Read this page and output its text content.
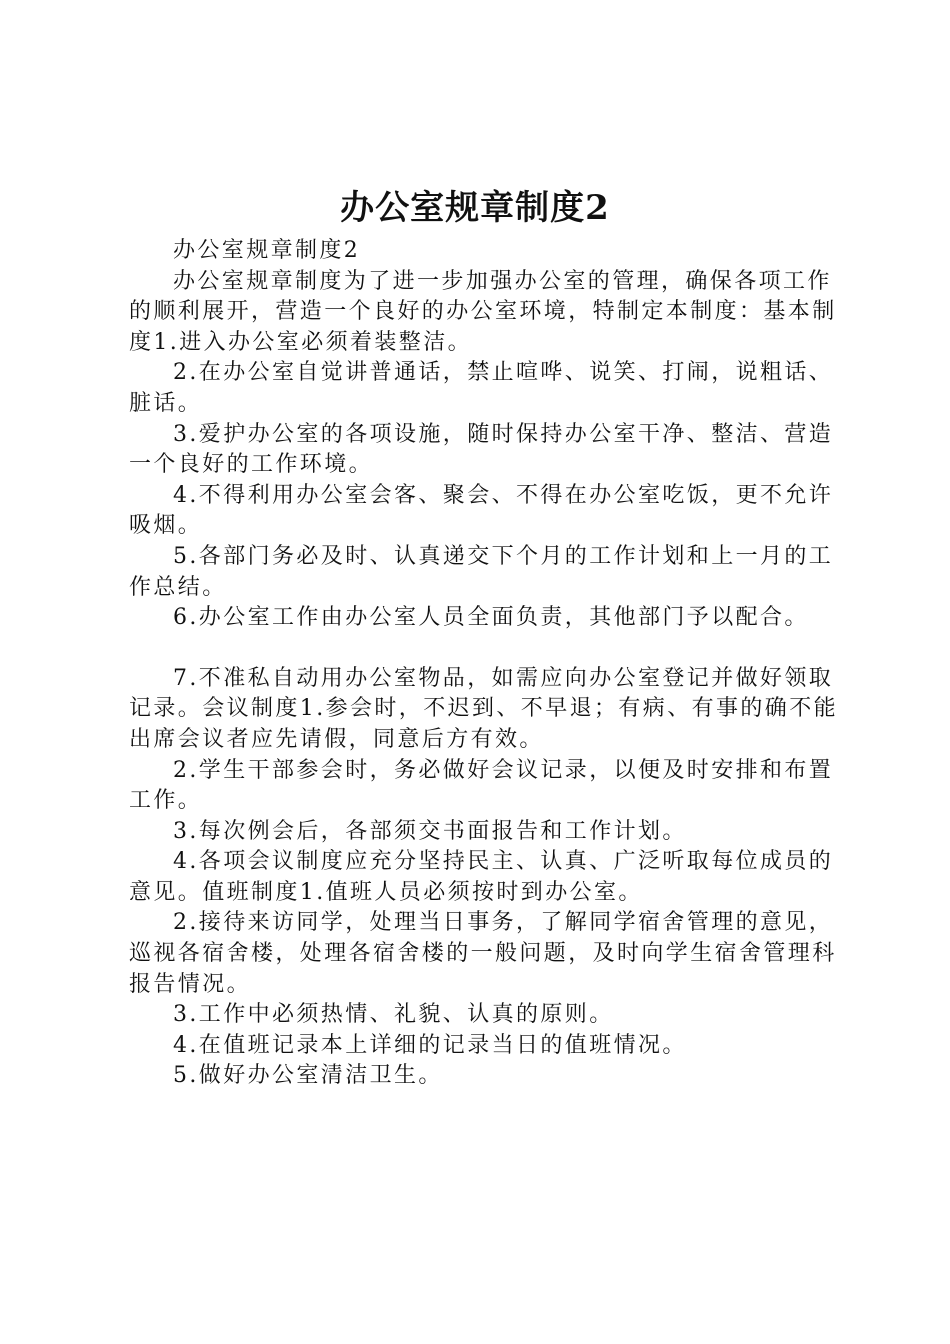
办公室规章制度2

办公室规章制度2

办公室规章制度为了进一步加强办公室的管理，确保各项工作的顺利展开，营造一个良好的办公室环境，特制定本制度：基本制度1.进入办公室必须着装整洁。

2.在办公室自觉讲普通话，禁止喧哗、说笑、打闹，说粗话、脏话。

3.爱护办公室的各项设施，随时保持办公室干净、整洁、营造一个良好的工作环境。

4.不得利用办公室会客、聚会、不得在办公室吃饭，更不允许吸烟。

5.各部门务必及时、认真递交下个月的工作计划和上一月的工作总结。

6.办公室工作由办公室人员全面负责，其他部门予以配合。

7.不准私自动用办公室物品，如需应向办公室登记并做好领取记录。会议制度1.参会时，不迟到、不早退；有病、有事的确不能出席会议者应先请假，同意后方有效。

2.学生干部参会时，务必做好会议记录，以便及时安排和布置工作。

3.每次例会后，各部须交书面报告和工作计划。

4.各项会议制度应充分坚持民主、认真、广泛听取每位成员的意见。值班制度1.值班人员必须按时到办公室。

2.接待来访同学，处理当日事务，了解同学宿舍管理的意见，巡视各宿舍楼，处理各宿舍楼的一般问题，及时向学生宿舍管理科报告情况。

3.工作中必须热情、礼貌、认真的原则。

4.在值班记录本上详细的记录当日的值班情况。

5.做好办公室清洁卫生。
